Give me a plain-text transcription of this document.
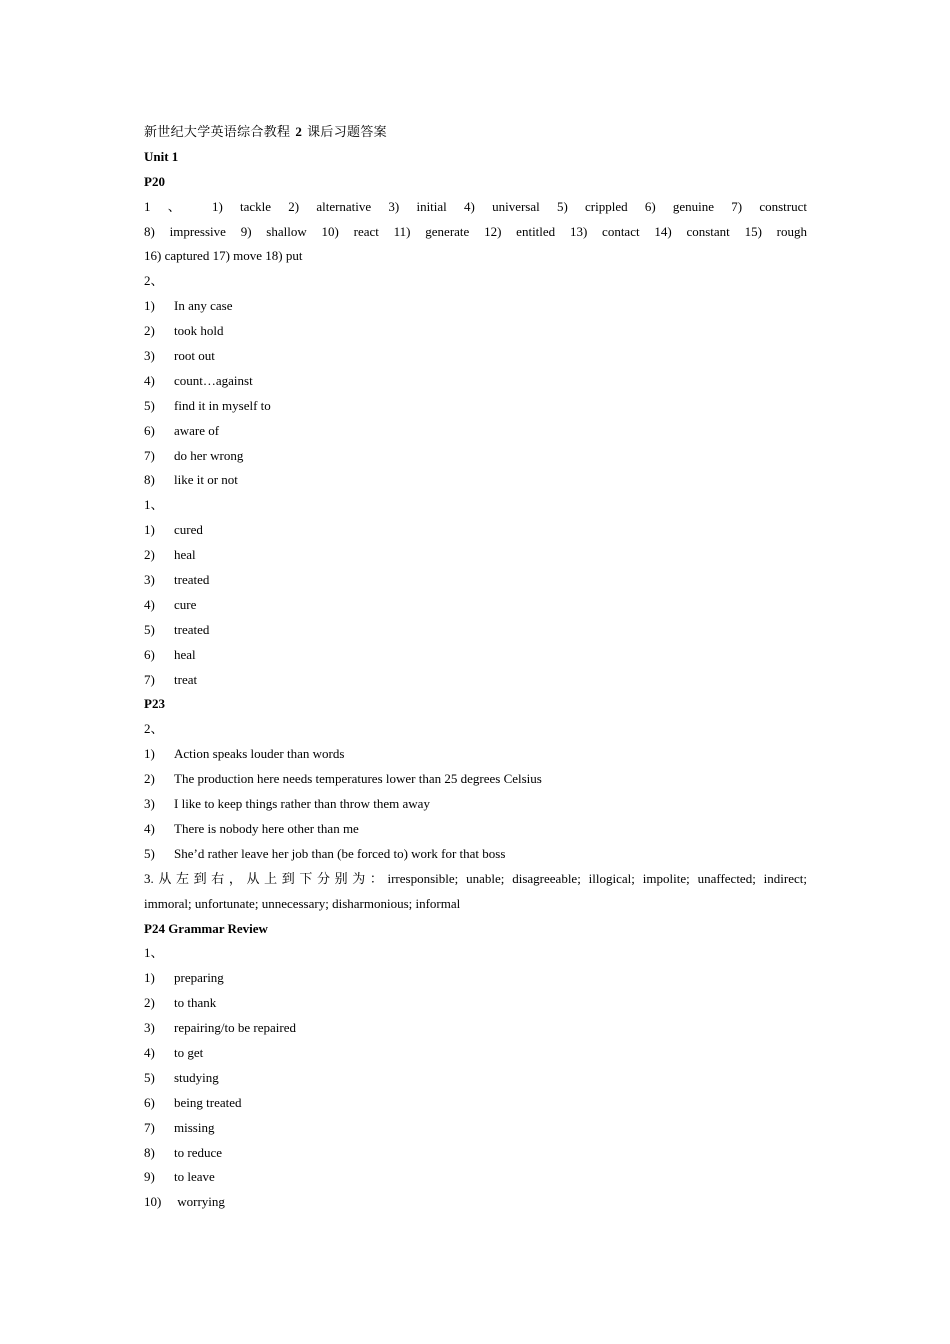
新世纪大学英语综合教程 2 课后习题答案
Unit 1
P20
1 、 1) tackle 2) alternative 3) initial 4) universal 5) crippled 6) genuine 7) construct
8) impressive 9) shallow 10) react 11) generate 12) entitled 13) contact 14) constant 15) rough
16) captured 17) move 18) put
2、
1)	In any case
2)	took hold
3)	root out
4)	count…against
5)	find it in myself to
6)	aware of
7)	do her wrong
8)	like it or not
1、
1)	cured
2)	heal
3)	treated
4)	cure
5)	treated
6)	heal
7)	treat
P23
2、
1)	Action speaks louder than words
2)	The production here needs temperatures lower than 25 degrees Celsius
3)	I like to keep things rather than throw them away
4)	There is nobody here other than me
5)	She’d rather leave her job than (be forced to) work for that boss
3.从左到右，从上到下分别为：irresponsible; unable; disagreeable; illogical; impolite; unaffected; indirect;
immoral; unfortunate; unnecessary; disharmonious; informal
P24 Grammar Review
1、
1)	preparing
2)	to thank
3)	repairing/to be repaired
4)	to get
5)	studying
6)	being treated
7)	missing
8)	to reduce
9)	to leave
10) worrying
